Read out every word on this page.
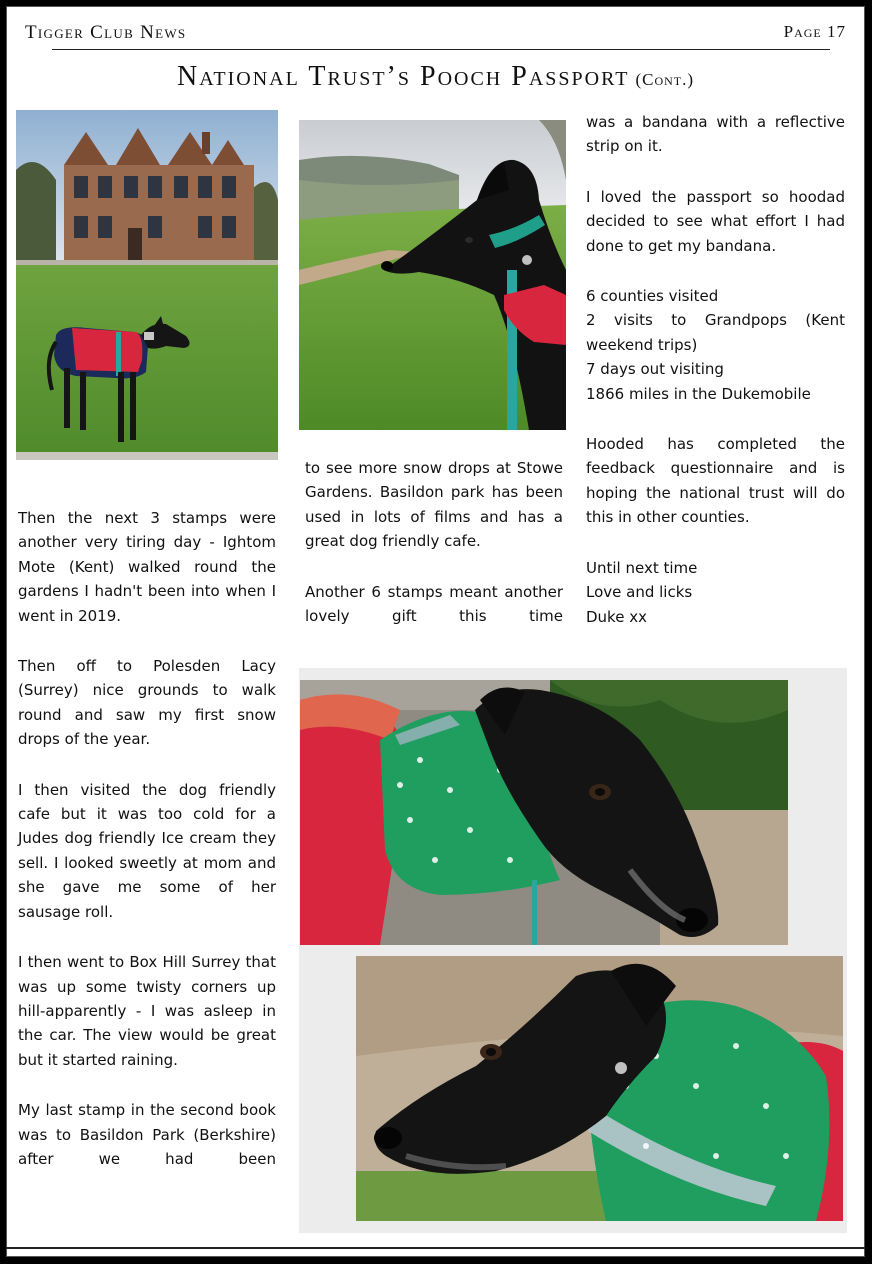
Tigger Club News	Page 17
National Trust’s Pooch Passport (Cont.)

Then the next 3 stamps were another very tiring day - Ightom Mote (Kent) walked round the gardens I hadn't been into when I went in 2019.

Then off to Polesden Lacy (Surrey) nice grounds to walk round and saw my first snow drops of the year.

I then visited the dog friendly cafe but it was too cold for a Judes dog friendly Ice cream they sell. I looked sweetly at mom and she gave me some of her sausage roll.

I then went to Box Hill Surrey that was up some twisty corners up hill-apparently - I was asleep in the car. The view would be great but it started raining.

My last stamp in the second book was to Basildon Park (Berkshire) after we had been

to see more snow drops at Stowe Gardens. Basildon park has been used in lots of films and has a great dog friendly cafe.

Another 6 stamps meant another lovely gift this time

was a bandana with a reflective strip on it.

I loved the passport so hoodad decided to see what effort I had done to get my bandana.

6 counties visited
2 visits to Grandpops (Kent weekend trips)
7 days out visiting
1866 miles in the Dukemobile

Hooded has completed the feedback questionnaire and is hoping the national trust will do this in other counties.

Until next time
Love and licks
Duke xx
